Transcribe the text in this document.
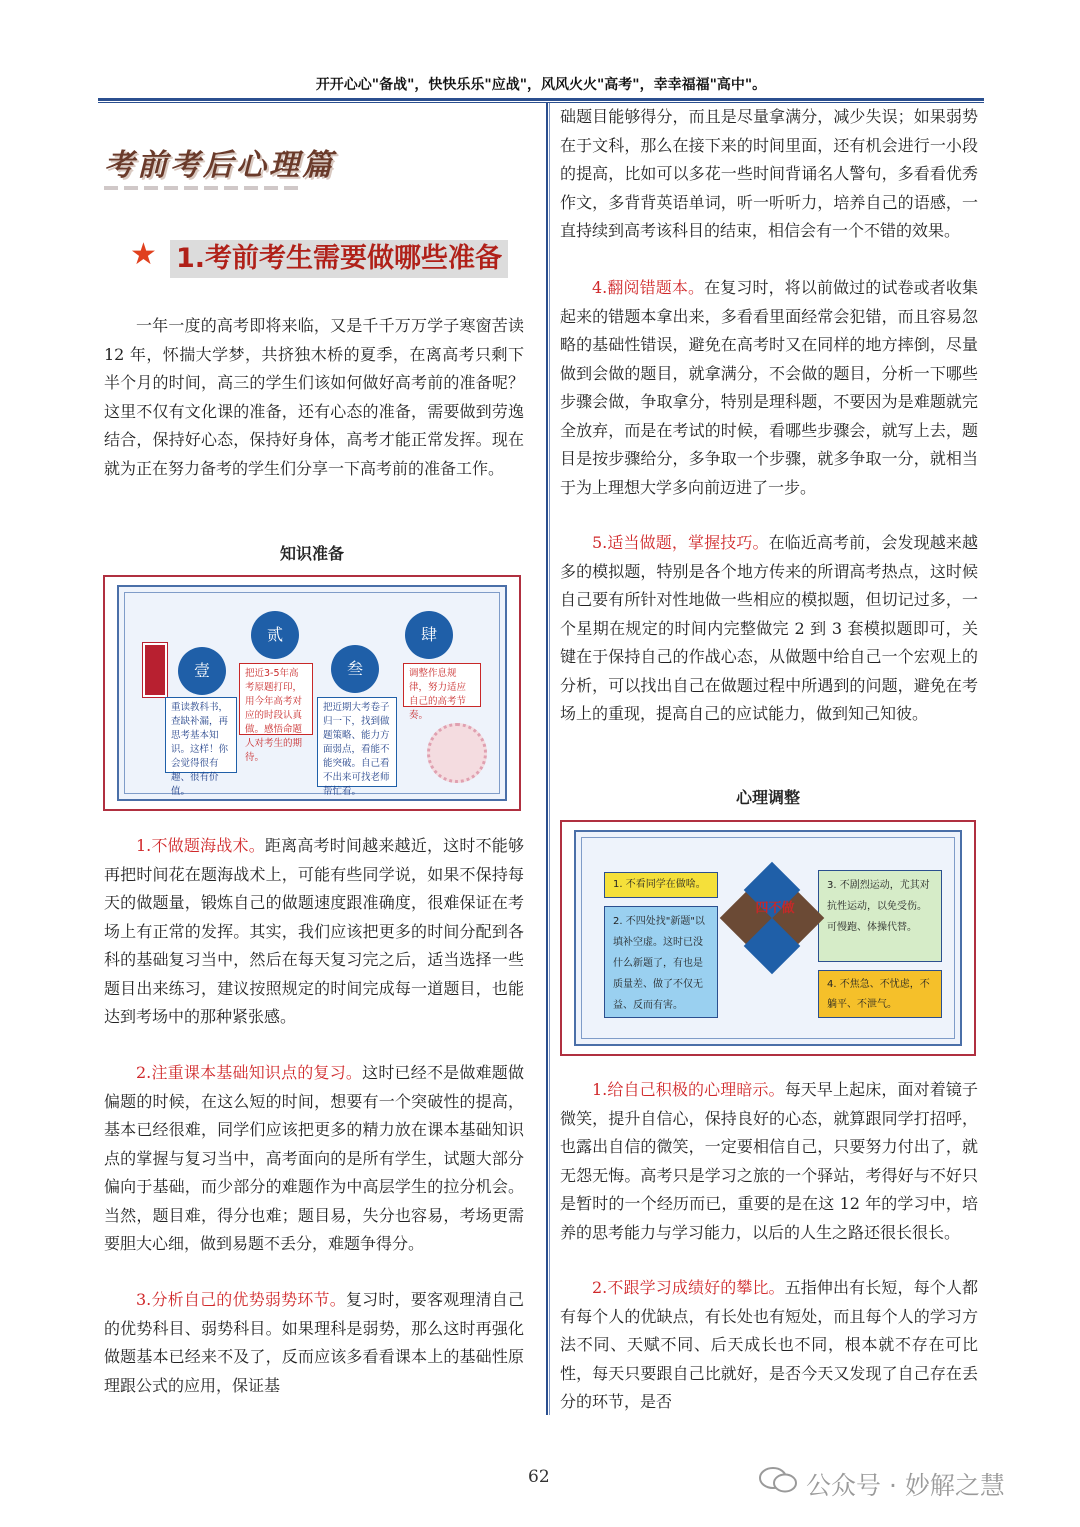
开开心心"备战"，快快乐乐"应战"，风风火火"高考"，幸幸福福"高中"。
考前考后心理篇
★ 1.考前考生需要做哪些准备
一年一度的高考即将来临，又是千千万万学子寒窗苦读 12 年，怀揣大学梦，共挤独木桥的夏季，在离高考只剩下半个月的时间，高三的学生们该如何做好高考前的准备呢？这里不仅有文化课的准备，还有心态的准备，需要做到劳逸结合，保持好心态，保持好身体，高考才能正常发挥。现在就为正在努力备考的学生们分享一下高考前的准备工作。
知识准备
壹
贰
叁
肆
重读教科书，查缺补漏，再思考基本知识。这样！你会觉得很有趣、很有价值。
把近3-5年高考原题打印，用今年高考对应的时段认真做。感悟命题人对考生的期待。
把近期大考卷子归一下，找到做题策略、能力方面弱点，看能不能突破。自己看不出来可找老师帮忙看。
调整作息规律，努力适应自己的高考节奏。
1.不做题海战术。距离高考时间越来越近，这时不能够再把时间花在题海战术上，可能有些同学说，如果不保持每天的做题量，锻炼自己的做题速度跟准确度，很难保证在考场上有正常的发挥。其实，我们应该把更多的时间分配到各科的基础复习当中，然后在每天复习完之后，适当选择一些题目出来练习，建议按照规定的时间完成每一道题目，也能达到考场中的那种紧张感。
2.注重课本基础知识点的复习。这时已经不是做难题做偏题的时候，在这么短的时间，想要有一个突破性的提高，基本已经很难，同学们应该把更多的精力放在课本基础知识点的掌握与复习当中，高考面向的是所有学生，试题大部分偏向于基础，而少部分的难题作为中高层学生的拉分机会。当然，题目难，得分也难；题目易，失分也容易，考场更需要胆大心细，做到易题不丢分，难题争得分。
3.分析自己的优势弱势环节。复习时，要客观理清自己的优势科目、弱势科目。如果理科是弱势，那么这时再强化做题基本已经来不及了，反而应该多看看课本上的基础性原理跟公式的应用，保证基
础题目能够得分，而且是尽量拿满分，减少失误；如果弱势在于文科，那么在接下来的时间里面，还有机会进行一小段的提高，比如可以多花一些时间背诵名人警句，多看看优秀作文，多背背英语单词，听一听听力，培养自己的语感，一直持续到高考该科目的结束，相信会有一个不错的效果。
4.翻阅错题本。在复习时，将以前做过的试卷或者收集起来的错题本拿出来，多看看里面经常会犯错，而且容易忽略的基础性错误，避免在高考时又在同样的地方摔倒，尽量做到会做的题目，就拿满分，不会做的题目，分析一下哪些步骤会做，争取拿分，特别是理科题，不要因为是难题就完全放弃，而是在考试的时候，看哪些步骤会，就写上去，题目是按步骤给分，多争取一个步骤，就多争取一分，就相当于为上理想大学多向前迈进了一步。
5.适当做题，掌握技巧。在临近高考前，会发现越来越多的模拟题，特别是各个地方传来的所谓高考热点，这时候自己要有所针对性地做一些相应的模拟题，但切记过多，一个星期在规定的时间内完整做完 2 到 3 套模拟题即可，关键在于保持自己的作战心态，从做题中给自己一个宏观上的分析，可以找出自己在做题过程中所遇到的问题，避免在考场上的重现，提高自己的应试能力，做到知己知彼。
心理调整
1. 不看同学在做啥。
2. 不四处找"新题"以填补空虚。这时已没什么新题了，有也是质量差、做了不仅无益、反而有害。
3. 不剧烈运动，尤其对抗性运动，以免受伤。可慢跑、体操代替。
4. 不焦急、不忧虑，不躺平、不泄气。
四不做
1.给自己积极的心理暗示。每天早上起床，面对着镜子微笑，提升自信心，保持良好的心态，就算跟同学打招呼，也露出自信的微笑，一定要相信自己，只要努力付出了，就无怨无悔。高考只是学习之旅的一个驿站，考得好与不好只是暂时的一个经历而已，重要的是在这 12 年的学习中，培养的思考能力与学习能力，以后的人生之路还很长很长。
2.不跟学习成绩好的攀比。五指伸出有长短，每个人都有每个人的优缺点，有长处也有短处，而且每个人的学习方法不同、天赋不同、后天成长也不同，根本就不存在可比性，每天只要跟自己比就好，是否今天又发现了自己存在丢分的环节，是否
62	公众号 · 妙解之慧
